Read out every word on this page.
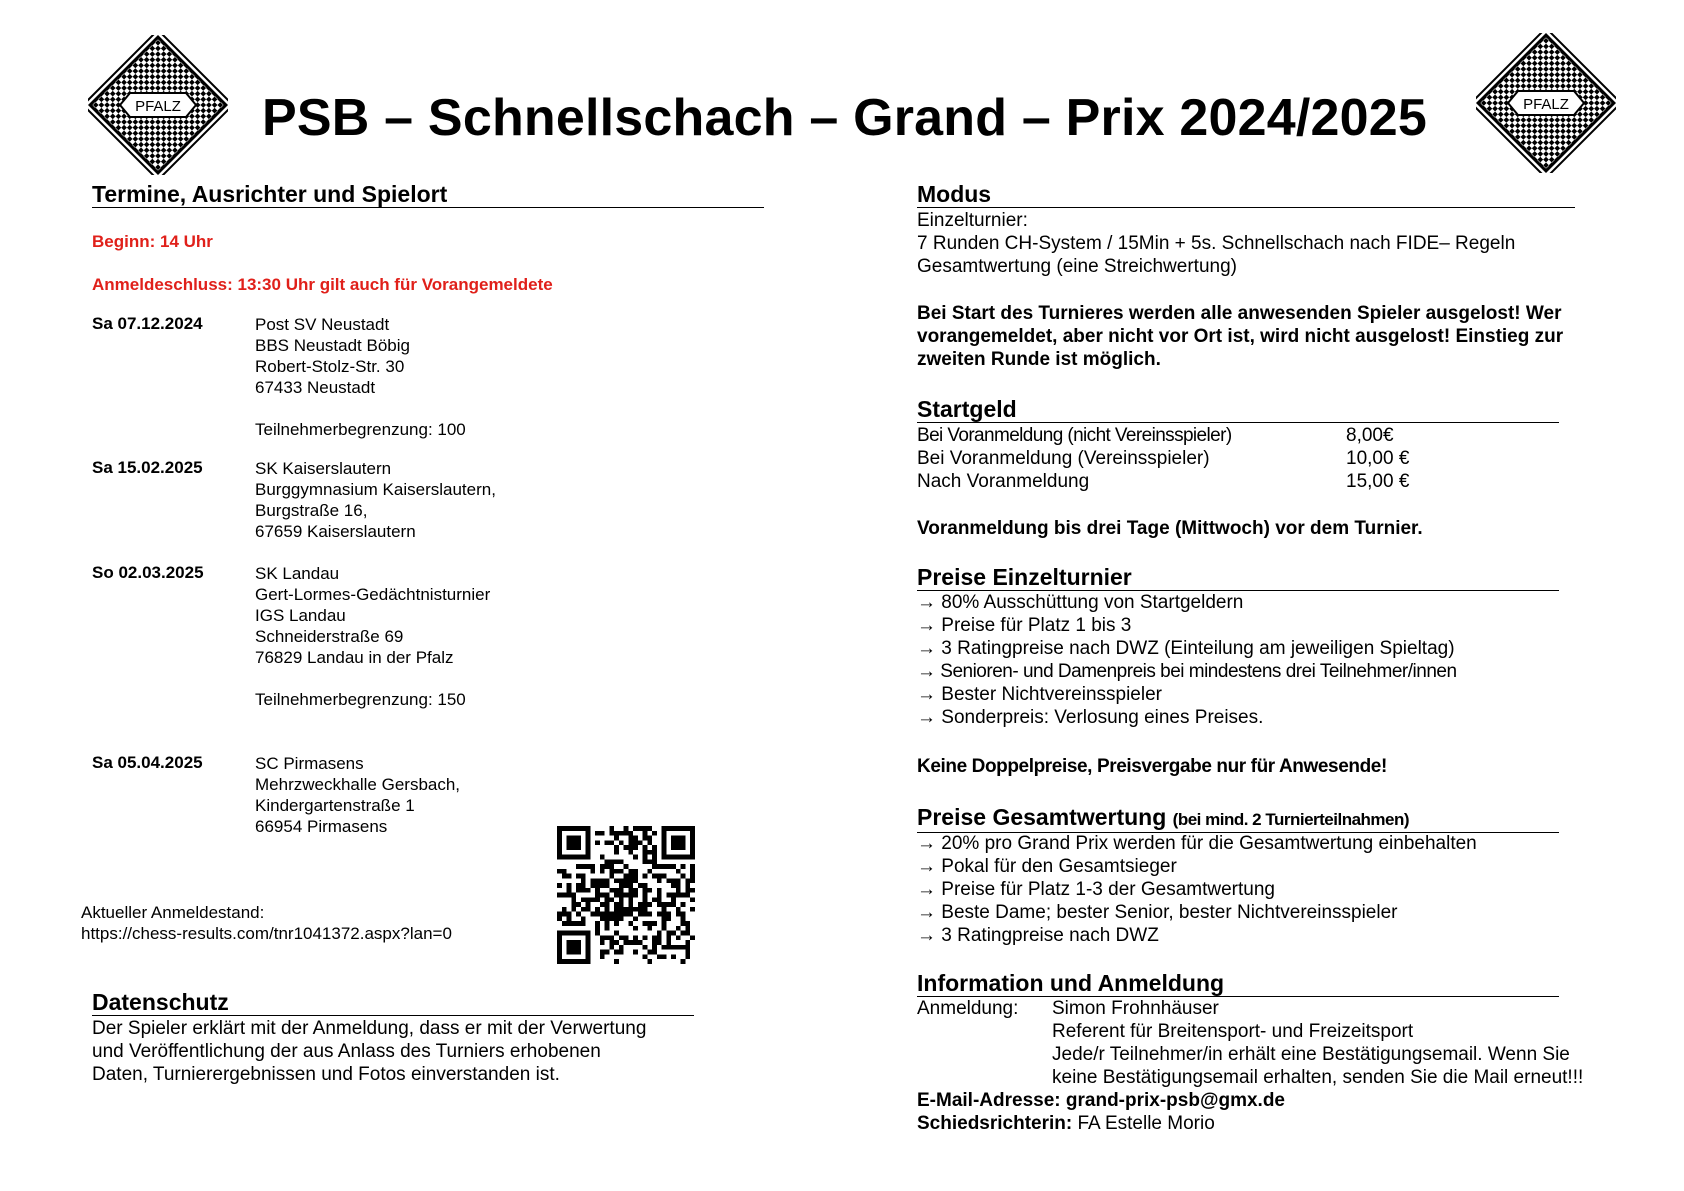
PFALZ	PFALZ
PSB – Schnellschach – Grand – Prix 2024/2025
Termine, Ausrichter und Spielort
Beginn: 14 Uhr
Anmeldeschluss: 13:30 Uhr gilt auch für Vorangemeldete
Sa 07.12.2024	Post SV Neustadt
BBS Neustadt Böbig
Robert-Stolz-Str. 30
67433 Neustadt
Teilnehmerbegrenzung: 100
Sa 15.02.2025	SK Kaiserslautern
Burggymnasium Kaiserslautern,
Burgstraße 16,
67659 Kaiserslautern
So 02.03.2025	SK Landau
Gert-Lormes-Gedächtnisturnier
IGS Landau
Schneiderstraße 69
76829 Landau in der Pfalz
Teilnehmerbegrenzung: 150
Sa 05.04.2025	SC Pirmasens
Mehrzweckhalle Gersbach,
Kindergartenstraße 1
66954 Pirmasens
Aktueller Anmeldestand:
https://chess-results.com/tnr1041372.aspx?lan=0
Datenschutz
Der Spieler erklärt mit der Anmeldung, dass er mit der Verwertung
und Veröffentlichung der aus Anlass des Turniers erhobenen
Daten, Turnierergebnissen und Fotos einverstanden ist.
Modus
Einzelturnier:
7 Runden CH-System / 15Min + 5s. Schnellschach nach FIDE– Regeln
Gesamtwertung (eine Streichwertung)
Bei Start des Turnieres werden alle anwesenden Spieler ausgelost! Wer
vorangemeldet, aber nicht vor Ort ist, wird nicht ausgelost! Einstieg zur
zweiten Runde ist möglich.
Startgeld
Bei Voranmeldung (nicht Vereinsspieler)	8,00€
Bei Voranmeldung (Vereinsspieler)	10,00 €
Nach Voranmeldung	15,00 €
Voranmeldung bis drei Tage (Mittwoch) vor dem Turnier.
Preise Einzelturnier
→ 80% Ausschüttung von Startgeldern
→ Preise für Platz 1 bis 3
→ 3 Ratingpreise nach DWZ (Einteilung am jeweiligen Spieltag)
→ Senioren- und Damenpreis bei mindestens drei Teilnehmer/innen
→ Bester Nichtvereinsspieler
→ Sonderpreis: Verlosung eines Preises.
Keine Doppelpreise, Preisvergabe nur für Anwesende!
Preise Gesamtwertung (bei mind. 2 Turnierteilnahmen)
→ 20% pro Grand Prix werden für die Gesamtwertung einbehalten
→ Pokal für den Gesamtsieger
→ Preise für Platz 1-3 der Gesamtwertung
→ Beste Dame; bester Senior, bester Nichtvereinsspieler
→ 3 Ratingpreise nach DWZ
Information und Anmeldung
Anmeldung: Simon Frohnhäuser
Referent für Breitensport- und Freizeitsport
Jede/r Teilnehmer/in erhält eine Bestätigungsemail. Wenn Sie
keine Bestätigungsemail erhalten, senden Sie die Mail erneut!!!
E-Mail-Adresse: grand-prix-psb@gmx.de
Schiedsrichterin: FA Estelle Morio
